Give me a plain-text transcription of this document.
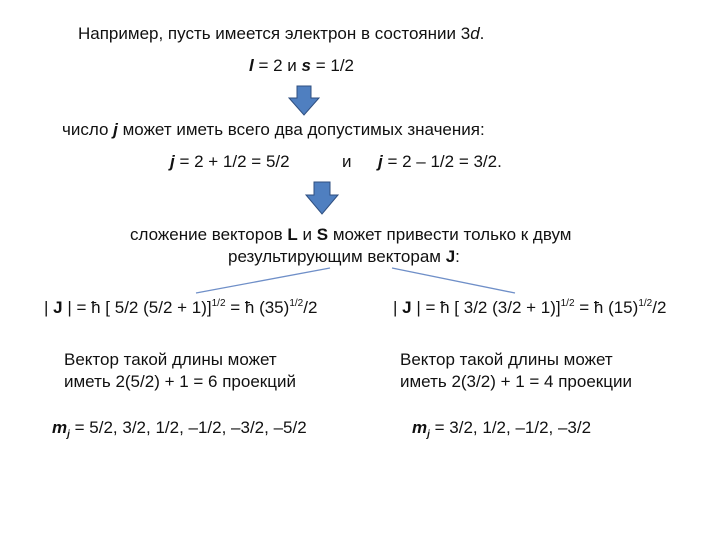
Например, пусть имеется электрон в состоянии 3d.
l = 2 и s = 1/2
число j может иметь всего два допустимых значения:
j = 2 + 1/2 = 5/2	и j = 2 – 1/2 = 3/2.
сложение векторов L и S может привести только к двум
результирующим векторам J:
| J | = ħ [ 5/2 (5/2 + 1)]$^{1/2}$ = ħ $(35)^{1/2}/2$
Вектор такой длины может
иметь 2(5/2) + 1 = 6 проекций
$m_j = 5/2$, 3/2, 1/2, –1/2, –3/2, –5/2
| J | = ħ [ 3/2 (3/2 + 1)]$^{1/2}$ = ħ $(15)^{1/2}/2$
Вектор такой длины может
иметь 2(3/2) + 1 = 4 проекции
$m_j = 3/2$, 1/2, –1/2, –3/2
